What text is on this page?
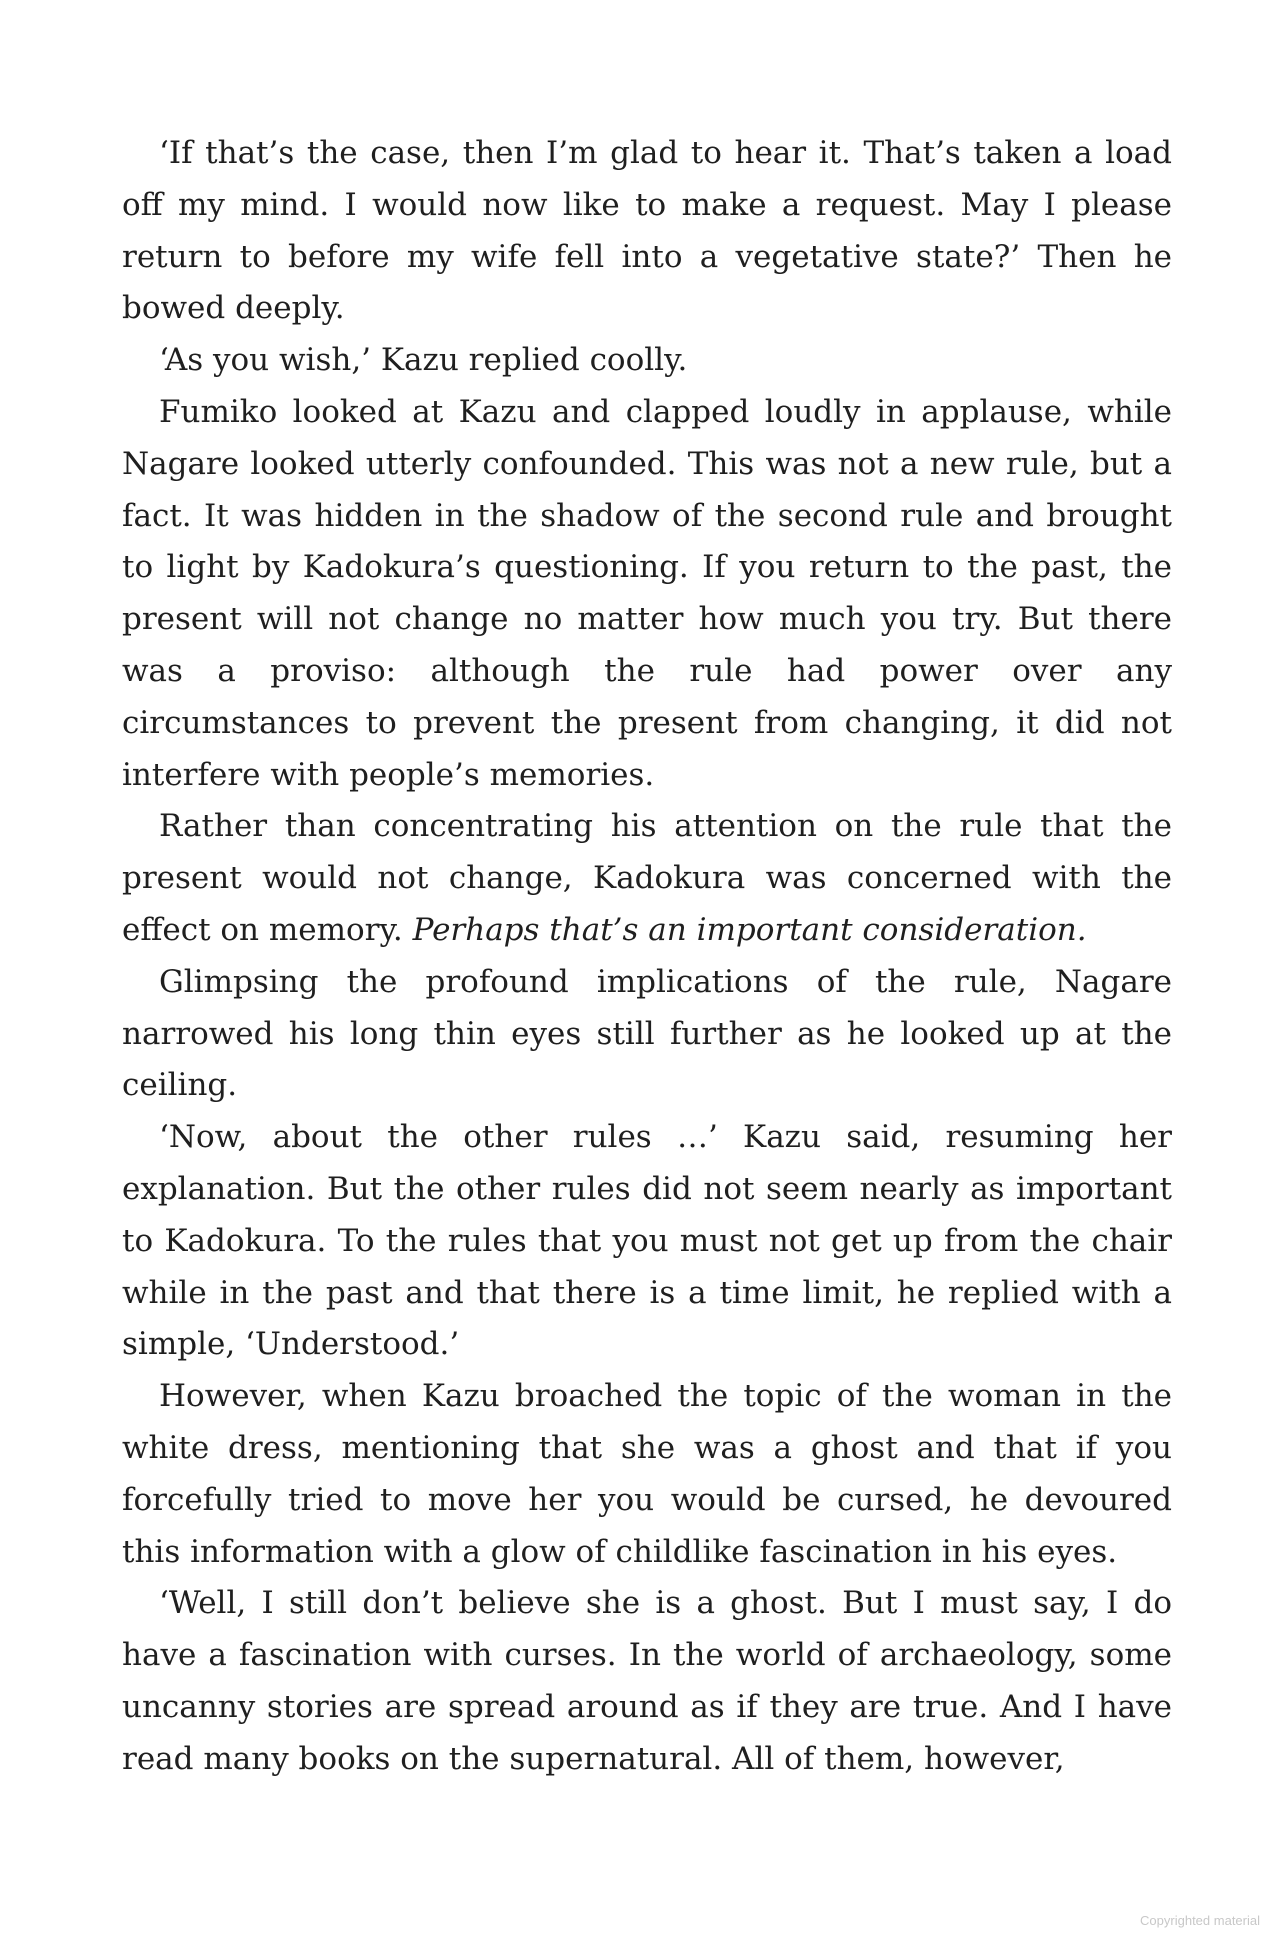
‘If that’s the case, then I’m glad to hear it. That’s taken a load off my mind. I would now like to make a request. May I please return to before my wife fell into a vegetative state?’ Then he bowed deeply.

‘As you wish,’ Kazu replied coolly.

Fumiko looked at Kazu and clapped loudly in applause, while Nagare looked utterly confounded. This was not a new rule, but a fact. It was hidden in the shadow of the second rule and brought to light by Kadokura’s questioning. If you return to the past, the present will not change no matter how much you try. But there was a proviso: although the rule had power over any circumstances to prevent the present from changing, it did not interfere with people’s memories.

Rather than concentrating his attention on the rule that the present would not change, Kadokura was concerned with the effect on memory. Perhaps that’s an important consideration.

Glimpsing the profound implications of the rule, Nagare narrowed his long thin eyes still further as he looked up at the ceiling.

‘Now, about the other rules …’ Kazu said, resuming her explanation. But the other rules did not seem nearly as important to Kadokura. To the rules that you must not get up from the chair while in the past and that there is a time limit, he replied with a simple, ‘Understood.’

However, when Kazu broached the topic of the woman in the white dress, mentioning that she was a ghost and that if you forcefully tried to move her you would be cursed, he devoured this information with a glow of childlike fascination in his eyes.

‘Well, I still don’t believe she is a ghost. But I must say, I do have a fascination with curses. In the world of archaeology, some uncanny stories are spread around as if they are true. And I have read many books on the supernatural. All of them, however,

Copyrighted material
